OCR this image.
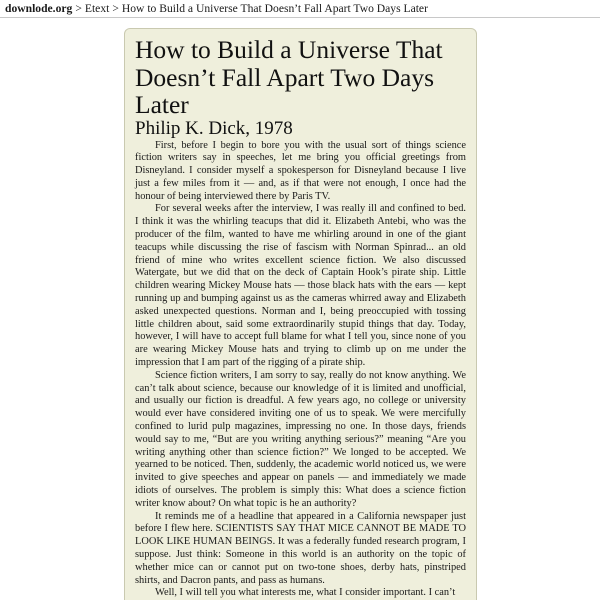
downlode.org > Etext > How to Build a Universe That Doesn’t Fall Apart Two Days Later
How to Build a Universe That Doesn’t Fall Apart Two Days Later
Philip K. Dick, 1978

First, before I begin to bore you with the usual sort of things science fiction writers say in speeches, let me bring you official greetings from Disneyland. I consider myself a spokesperson for Disneyland because I live just a few miles from it — and, as if that were not enough, I once had the honour of being interviewed there by Paris TV.

For several weeks after the interview, I was really ill and confined to bed. I think it was the whirling teacups that did it. Elizabeth Antebi, who was the producer of the film, wanted to have me whirling around in one of the giant teacups while discussing the rise of fascism with Norman Spinrad... an old friend of mine who writes excellent science fiction. We also discussed Watergate, but we did that on the deck of Captain Hook’s pirate ship. Little children wearing Mickey Mouse hats — those black hats with the ears — kept running up and bumping against us as the cameras whirred away and Elizabeth asked unexpected questions. Norman and I, being preoccupied with tossing little children about, said some extraordinarily stupid things that day. Today, however, I will have to accept full blame for what I tell you, since none of you are wearing Mickey Mouse hats and trying to climb up on me under the impression that I am part of the rigging of a pirate ship.

Science fiction writers, I am sorry to say, really do not know anything. We can’t talk about science, because our knowledge of it is limited and unofficial, and usually our fiction is dreadful. A few years ago, no college or university would ever have considered inviting one of us to speak. We were mercifully confined to lurid pulp magazines, impressing no one. In those days, friends would say to me, “But are you writing anything serious?” meaning “Are you writing anything other than science fiction?” We longed to be accepted. We yearned to be noticed. Then, suddenly, the academic world noticed us, we were invited to give speeches and appear on panels — and immediately we made idiots of ourselves. The problem is simply this: What does a science fiction writer know about? On what topic is he an authority?

It reminds me of a headline that appeared in a California newspaper just before I flew here. SCIENTISTS SAY THAT MICE CANNOT BE MADE TO LOOK LIKE HUMAN BEINGS. It was a federally funded research program, I suppose. Just think: Someone in this world is an authority on the topic of whether mice can or cannot put on two-tone shoes, derby hats, pinstriped shirts, and Dacron pants, and pass as humans.

Well, I will tell you what interests me, what I consider important. I can’t
